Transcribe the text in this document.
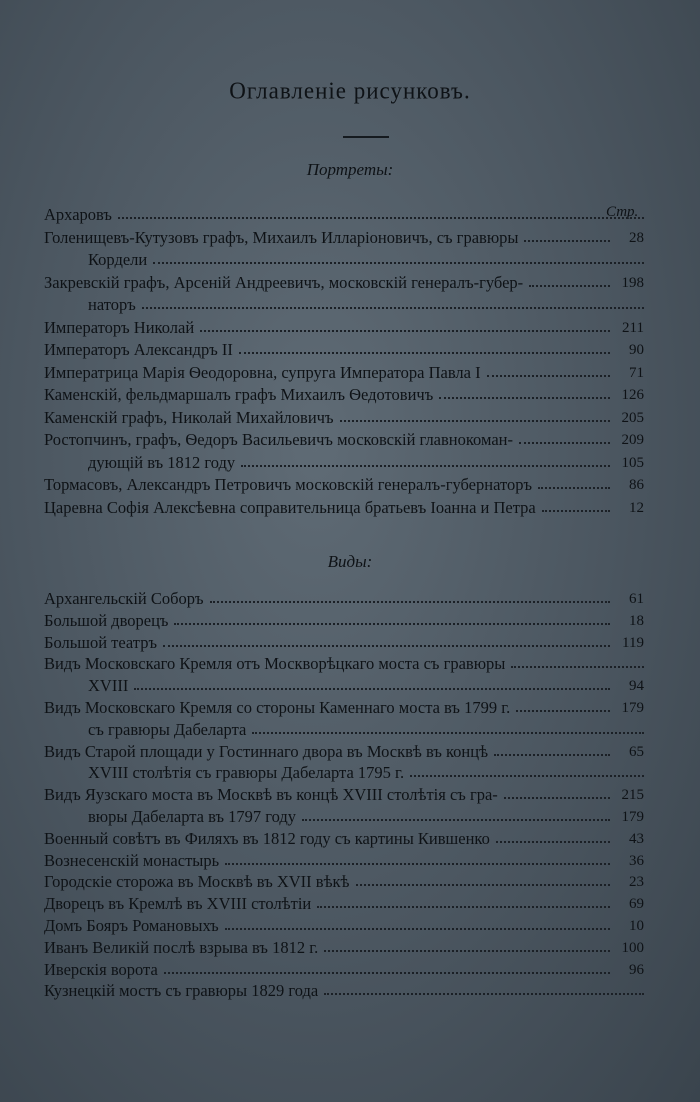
Оглавленіе рисунковъ.
Портреты:
Стр.
Виды:
Архаровъ
Голенищевъ-Кутузовъ графъ, Михаилъ Илларіоновичъ, съ гравюры	28
Кордели
Закревскій графъ, Арсеній Андреевичъ, московскій генералъ-губер-	198
наторъ
Императоръ Николай	211
Императоръ Александръ II	90
Императрица Марія Ѳеодоровна, супруга Императора Павла I	71
Каменскій, фельдмаршалъ графъ Михаилъ Ѳедотовичъ	126
Каменскій графъ, Николай Михайловичъ	205
Ростопчинъ, графъ, Ѳедоръ Васильевичъ московскій главнокоман-	209
дующій въ 1812 году	105
Тормасовъ, Александръ Петровичъ московскій генералъ-губернаторъ	86
Царевна Софія Алексѣевна соправительница братьевъ Іоанна и Петра	12
Архангельскій Соборъ	61
Большой дворецъ	18
Большой театръ	119
Видъ Московскаго Кремля отъ Москворѣцкаго моста съ гравюры
XVIII	94
Видъ Московскаго Кремля со стороны Каменнаго моста въ 1799 г.	179
съ гравюры Дабеларта
Видъ Старой площади у Гостиннаго двора въ Москвѣ въ концѣ	65
XVIII столѣтія съ гравюры Дабеларта 1795 г.
Видъ Яузскаго моста въ Москвѣ въ концѣ XVIII столѣтія съ гра-	215
вюры Дабеларта въ 1797 году	179
Военный совѣтъ въ Филяхъ въ 1812 году съ картины Кившенко	43
Вознесенскій монастырь	36
Городскіе сторожа въ Москвѣ въ XVII вѣкѣ	23
Дворецъ въ Кремлѣ въ XVIII столѣтіи	69
Домъ Бояръ Романовыхъ	10
Иванъ Великій послѣ взрыва въ 1812 г.	100
Иверскія ворота	96
Кузнецкій мостъ съ гравюры 1829 года
